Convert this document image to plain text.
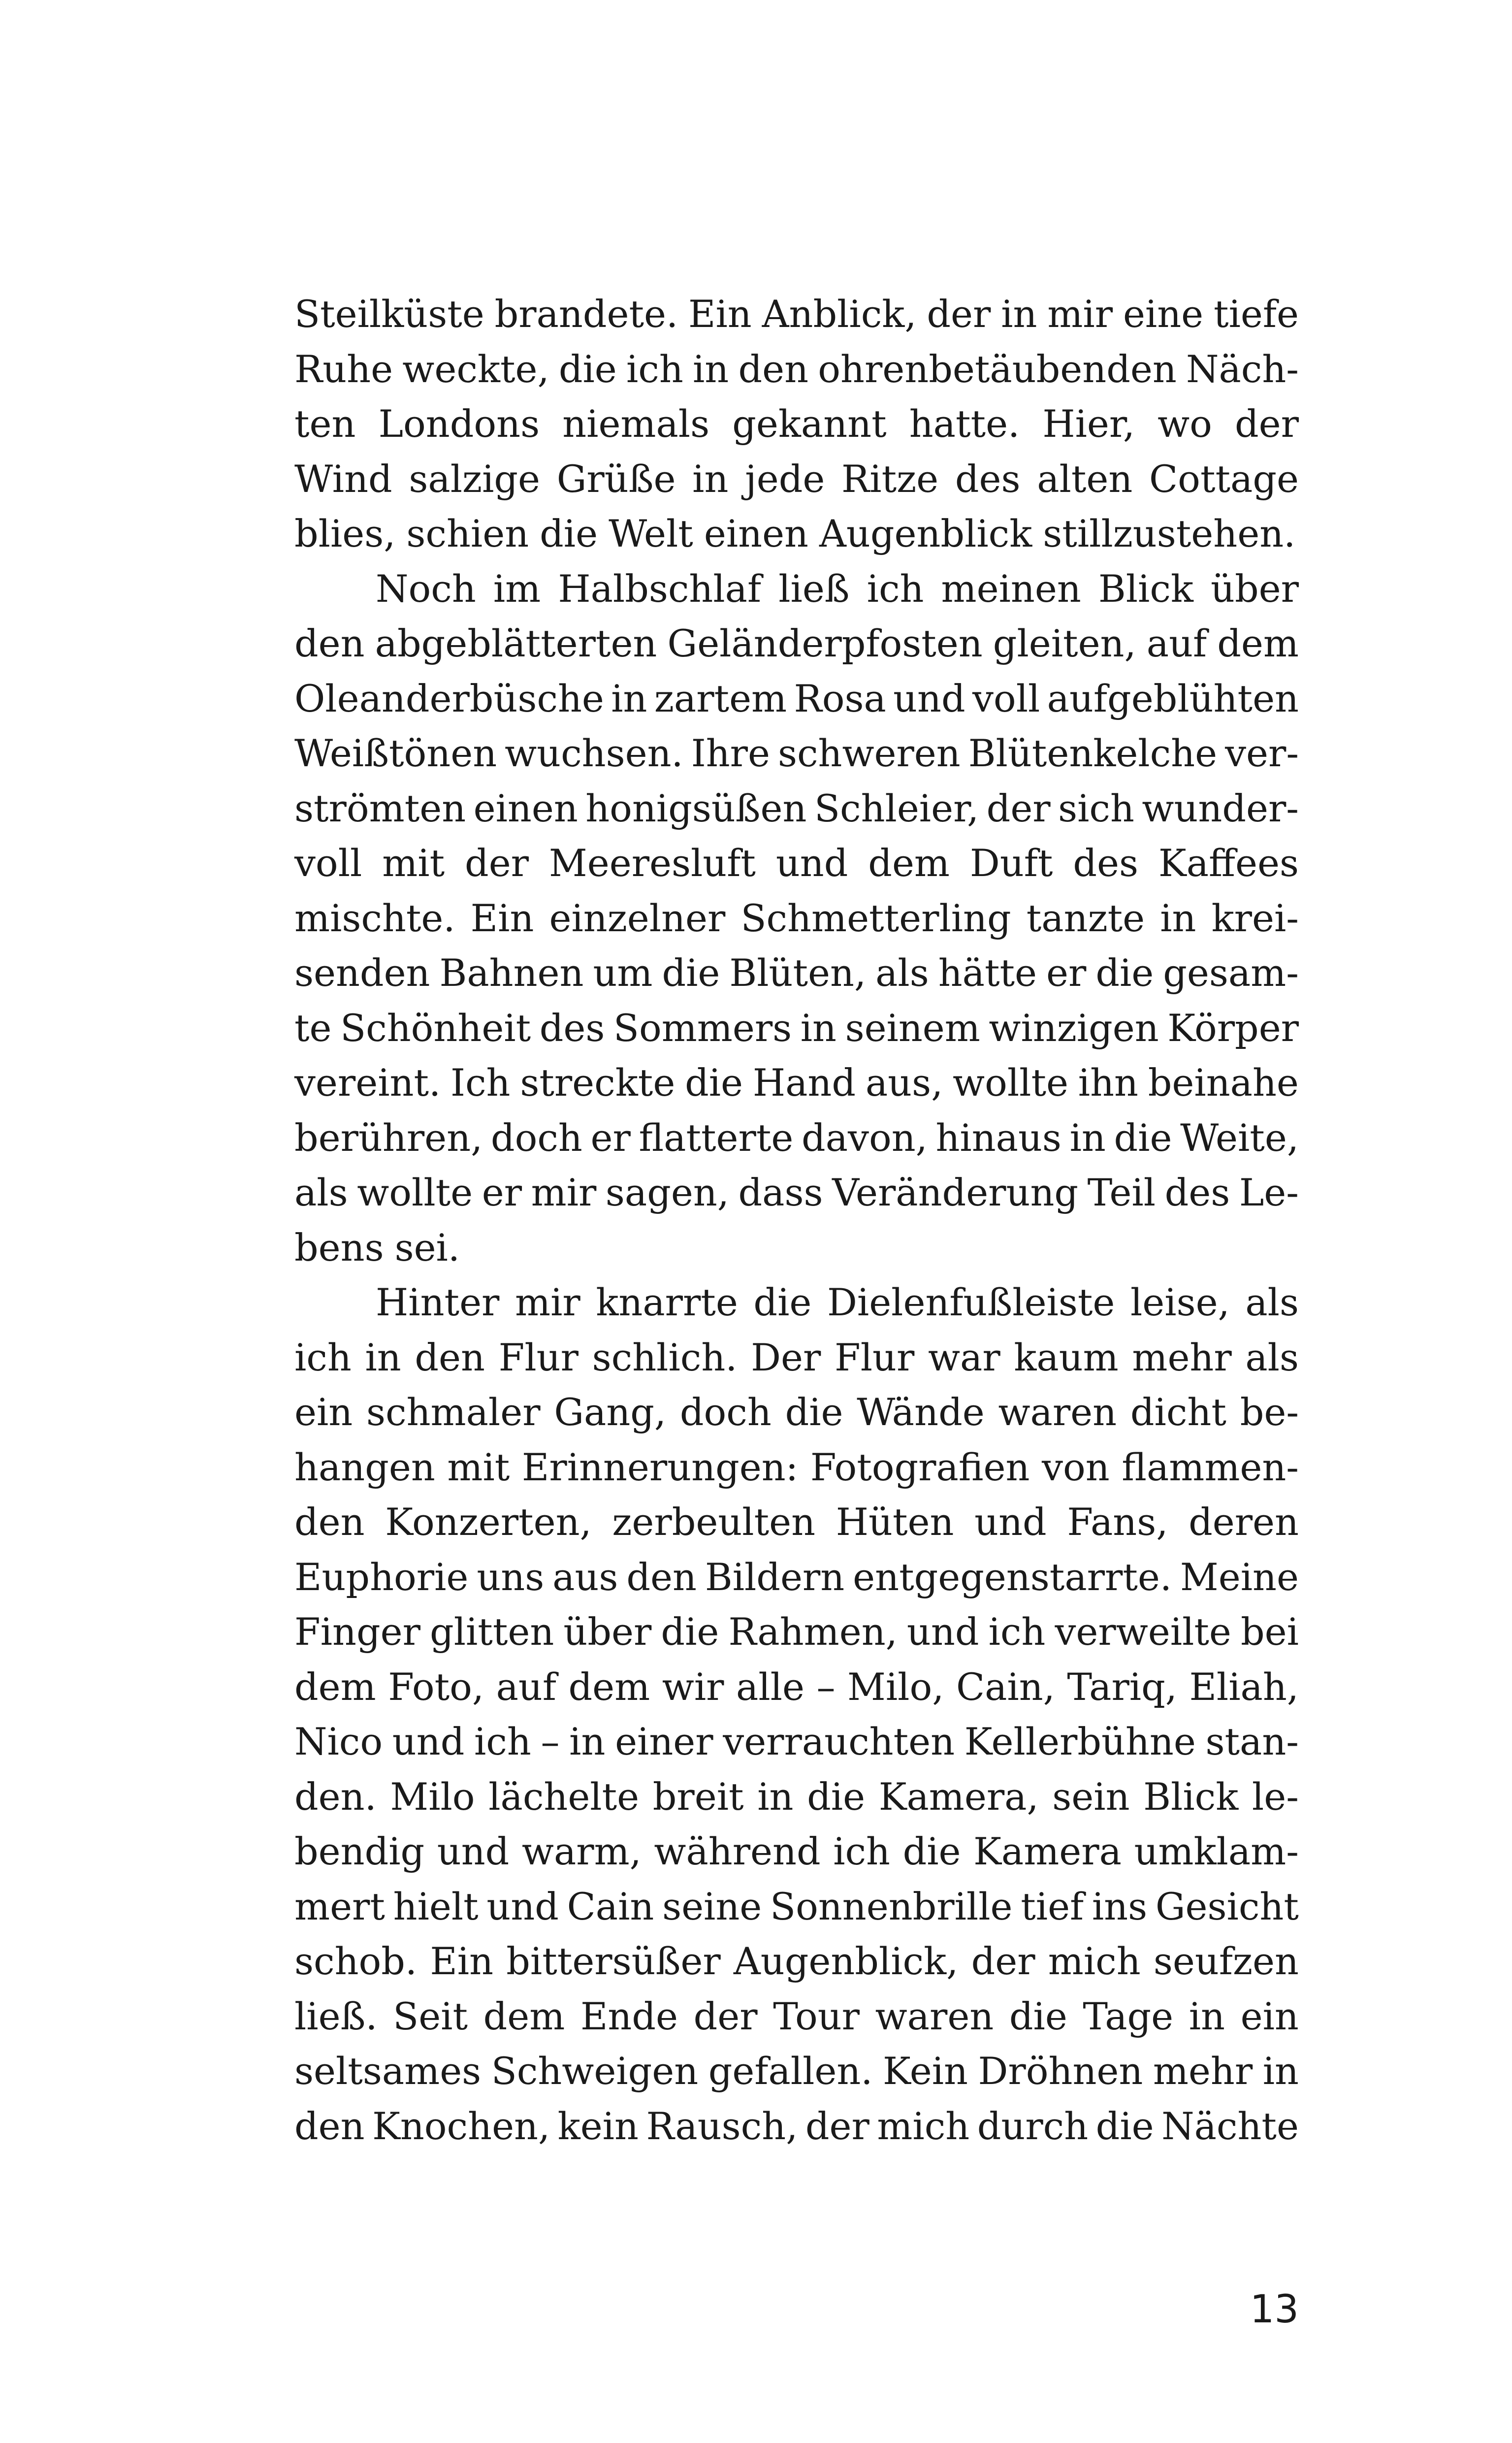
Steilküste brandete. Ein Anblick, der in mir eine tiefe
Ruhe weckte, die ich in den ohrenbetäubenden Näch-
ten Londons niemals gekannt hatte. Hier, wo der
Wind salzige Grüße in jede Ritze des alten Cottage
blies, schien die Welt einen Augenblick stillzustehen.
Noch im Halbschlaf ließ ich meinen Blick über
den abgeblätterten Geländerpfosten gleiten, auf dem
Oleanderbüsche in zartem Rosa und voll aufgeblühten
Weißtönen wuchsen. Ihre schweren Blütenkelche ver-
strömten einen honigsüßen Schleier, der sich wunder-
voll mit der Meeresluft und dem Duft des Kaffees
mischte. Ein einzelner Schmetterling tanzte in krei-
senden Bahnen um die Blüten, als hätte er die gesam-
te Schönheit des Sommers in seinem winzigen Körper
vereint. Ich streckte die Hand aus, wollte ihn beinahe
berühren, doch er flatterte davon, hinaus in die Weite,
als wollte er mir sagen, dass Veränderung Teil des Le-
bens sei.
Hinter mir knarrte die Dielenfußleiste leise, als
ich in den Flur schlich. Der Flur war kaum mehr als
ein schmaler Gang, doch die Wände waren dicht be-
hangen mit Erinnerungen: Fotografien von flammen-
den Konzerten, zerbeulten Hüten und Fans, deren
Euphorie uns aus den Bildern entgegenstarrte. Meine
Finger glitten über die Rahmen, und ich verweilte bei
dem Foto, auf dem wir alle – Milo, Cain, Tariq, Eliah,
Nico und ich – in einer verrauchten Kellerbühne stan-
den. Milo lächelte breit in die Kamera, sein Blick le-
bendig und warm, während ich die Kamera umklam-
mert hielt und Cain seine Sonnenbrille tief ins Gesicht
schob. Ein bittersüßer Augenblick, der mich seufzen
ließ. Seit dem Ende der Tour waren die Tage in ein
seltsames Schweigen gefallen. Kein Dröhnen mehr in
den Knochen, kein Rausch, der mich durch die Nächte
13
